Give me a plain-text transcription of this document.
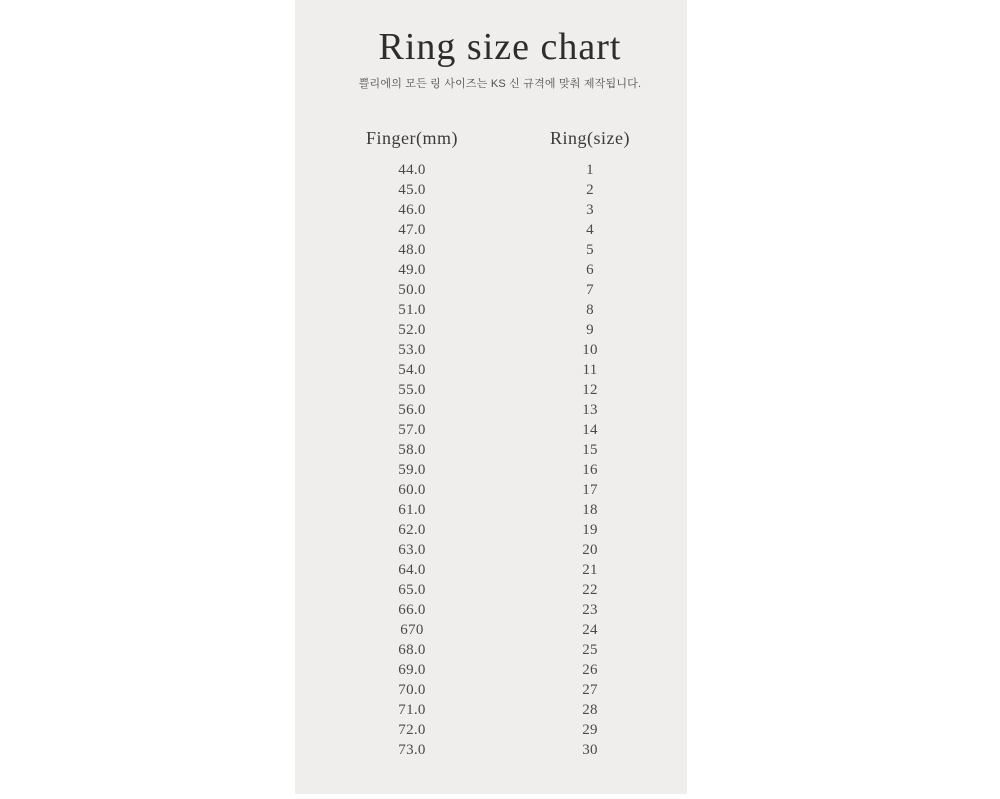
Ring size chart

쁠리에의 모든 링 사이즈는 KS 신 규격에 맞춰 제작됩니다.

Finger(mm)	Ring(size)
44.0	1
45.0	2
46.0	3
47.0	4
48.0	5
49.0	6
50.0	7
51.0	8
52.0	9
53.0	10
54.0	11
55.0	12
56.0	13
57.0	14
58.0	15
59.0	16
60.0	17
61.0	18
62.0	19
63.0	20
64.0	21
65.0	22
66.0	23
670	24
68.0	25
69.0	26
70.0	27
71.0	28
72.0	29
73.0	30
